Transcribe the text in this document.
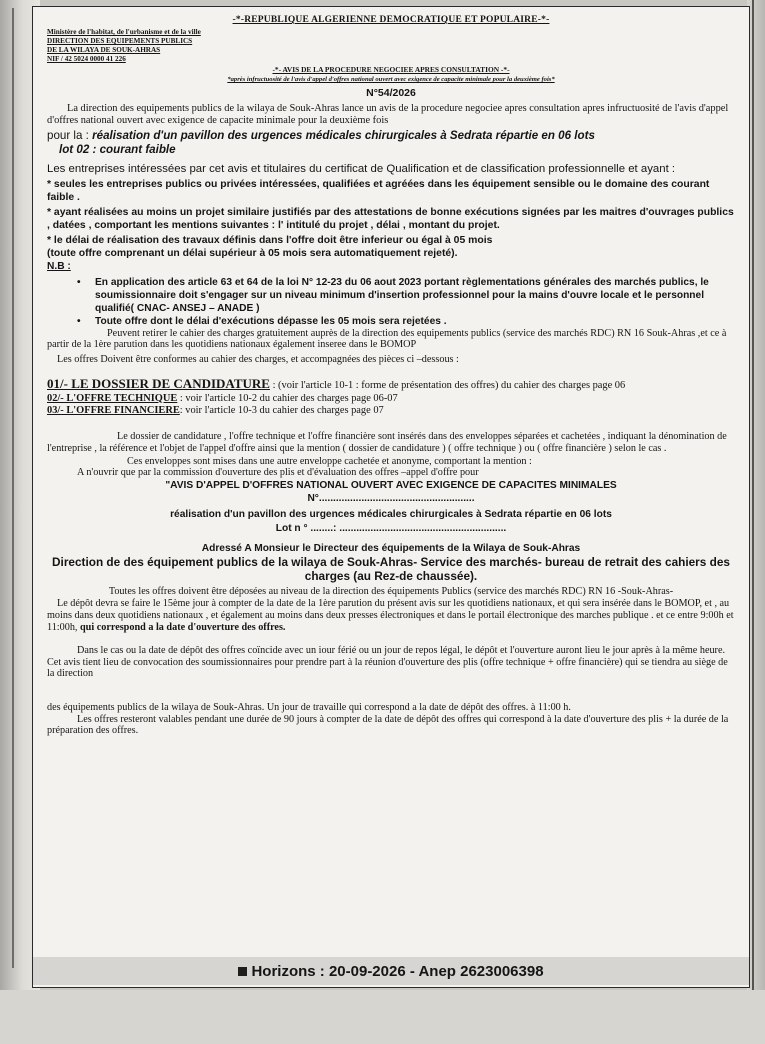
-*-REPUBLIQUE ALGERIENNE DEMOCRATIQUE ET POPULAIRE-*-
Ministère de l'habitat, de l'urbanisme et de la ville
DIRECTION DES EQUIPEMENTS PUBLICS
DE LA WILAYA DE SOUK-AHRAS
NIF / 42 5024 0000 41 226
-*- AVIS DE LA PROCEDURE NEGOCIEE APRES CONSULTATION -*-
*après infructuosité de l'avis d'appel d'offres national ouvert avec exigence de capacite minimale pour la deuxième fois*
N°54/2026

La direction des equipements publics de la wilaya de Souk-Ahras lance un avis de la procedure negociee apres consultation apres infructuosité de l'avis d'appel d'offres national ouvert avec exigence de capacite minimale pour la deuxième fois

pour la : réalisation d'un pavillon des urgences médicales chirurgicales à Sedrata répartie en 06 lots

lot 02 : courant faible

Les entreprises intéressées par cet avis et titulaires du certificat de Qualification et de classification professionnelle et ayant :

* seules les entreprises publics ou privées intéressées, qualifiées et agréées dans les équipement sensible ou le domaine des courant faible .

* ayant réalisées au moins un projet similaire justifiés par des attestations de bonne exécutions signées par les maitres d'ouvrages publics , datées , comportant les mentions suivantes : l' intitulé du projet , délai , montant du projet.

* le délai de réalisation des travaux définis dans l'offre doit être inferieur ou égal à 05 mois

(toute offre comprenant un délai supérieur à 05 mois sera automatiquement rejeté).

N.B :

• En application des article 63 et 64 de la loi N° 12-23 du 06 aout 2023 portant règlementations générales des marchés publics, le soumissionnaire doit s'engager sur un niveau minimum d'insertion professionnel pour la mains d'ouvre locale et le personnel qualifié( CNAC- ANSEJ – ANADE )
• Toute offre dont le délai d'exécutions dépasse les 05 mois sera rejetées .

Peuvent retirer le cahier des charges gratuitement auprès de la direction des equipements publics (service des marchés RDC) RN 16 Souk-Ahras ,et ce à partir de la 1ère parution dans les quotidiens nationaux également inseree dans le BOMOP

Les offres Doivent être conformes au cahier des charges, et accompagnées des pièces ci –dessous :

01/- LE DOSSIER DE CANDIDATURE : (voir l'article 10-1 : forme de présentation des offres) du cahier des charges page 06

02/- L'OFFRE TECHNIQUE : voir l'article 10-2 du cahier des charges page 06-07

03/- L'OFFRE FINANCIERE: voir l'article 10-3 du cahier des charges page 07

Le dossier de candidature , l'offre technique et l'offre financière sont insérés dans des enveloppes séparées et cachetées , indiquant la dénomination de l'entreprise , la référence et l'objet de l'appel d'offre ainsi que la mention ( dossier de candidature ) ( offre technique ) ou ( offre financière ) selon le cas .

Ces enveloppes sont mises dans une autre enveloppe cachetée et anonyme, comportant la mention :

A n'ouvrir que par la commission d'ouverture des plis et d'évaluation des offres –appel d'offre pour

"AVIS D'APPEL D'OFFRES NATIONAL OUVERT AVEC EXIGENCE DE CAPACITES MINIMALES

N°.......................................................

réalisation d'un pavillon des urgences médicales chirurgicales à Sedrata répartie en 06 lots

Lot n ° ........: ...........................................................

Adressé A Monsieur le Directeur des équipements de la Wilaya de Souk-Ahras

Direction de des équipement publics de la wilaya de Souk-Ahras- Service des marchés- bureau de retrait des cahiers des charges (au Rez-de chaussée).

Toutes les offres doivent être déposées au niveau de la direction des équipements Publics (service des marchés RDC) RN 16 -Souk-Ahras-

Le dépôt devra se faire le 15ème jour à compter de la date de la 1ère parution du présent avis sur les quotidiens nationaux, et qui sera insérée dans le BOMOP, et , au moins dans deux quotidiens nationaux , et également au moins dans deux presses électroniques et dans le portail électronique des marches publique . et ce entre 9:00h et 11:00h, qui correspond a la date d'ouverture des offres.

Dans le cas ou la date de dépôt des offres coïncide avec un iour férié ou un jour de repos légal, le dépôt et l'ouverture auront lieu le jour après à la même heure. Cet avis tient lieu de convocation des soumissionnaires pour prendre part à la réunion d'ouverture des plis (offre technique + offre financière) qui se tiendra au siège de la direction

des équipements publics de la wilaya de Souk-Ahras. Un jour de travaille qui correspond a la date de dépôt des offres. à 11:00 h.

Les offres resteront valables pendant une durée de 90 jours à compter de la date de dépôt des offres qui correspond à la date d'ouverture des plis + la durée de la préparation des offres.

Horizons : 20-09-2026 - Anep 2623006398
